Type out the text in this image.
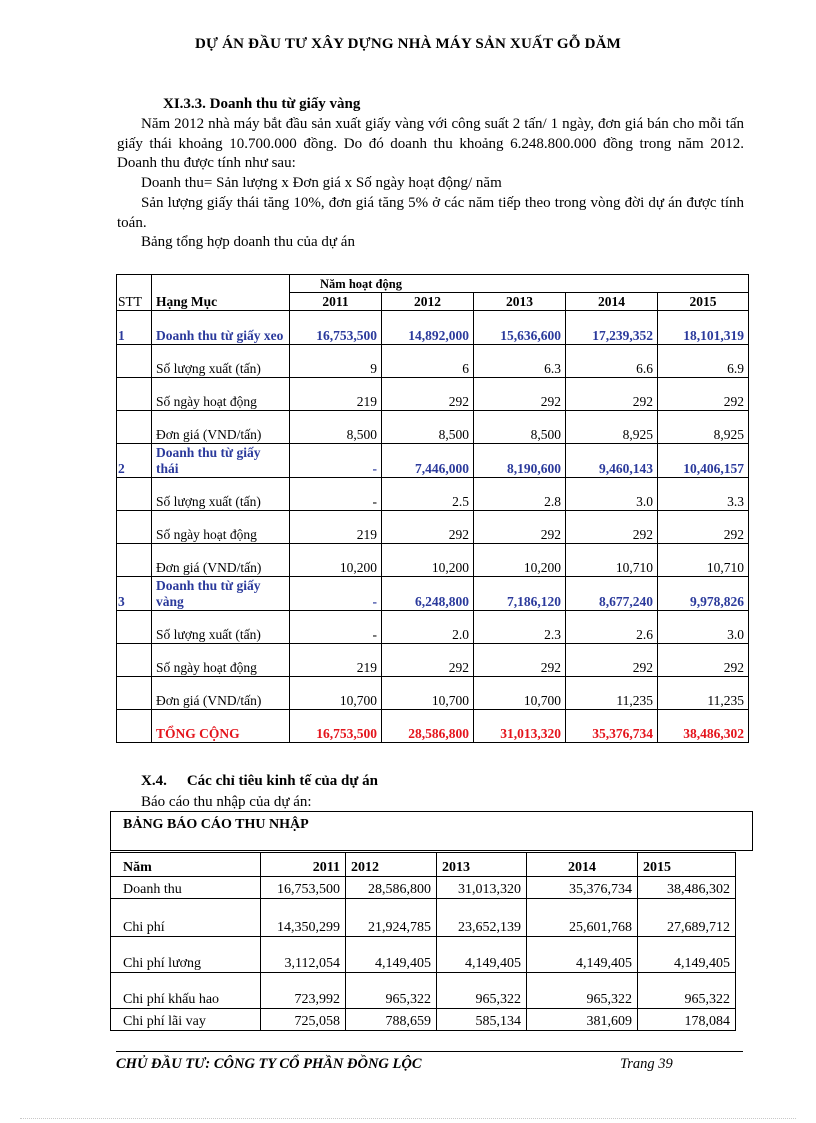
DỰ ÁN ĐẦU TƯ XÂY DỰNG NHÀ MÁY SẢN XUẤT GỖ DĂM
XI.3.3. Doanh thu từ giấy vàng
Năm 2012 nhà máy bắt đầu sản xuất giấy vàng với công suất 2 tấn/ 1 ngày, đơn giá bán cho mỗi tấn giấy thái khoảng 10.700.000 đồng. Do đó doanh thu khoảng 6.248.800.000 đồng trong năm 2012. Doanh thu được tính như sau:
Doanh thu= Sản lượng x Đơn giá x Số ngày hoạt động/ năm
Sản lượng giấy thái tăng 10%, đơn giá tăng 5% ở các năm tiếp theo trong vòng đời dự án được tính toán.
Bảng tổng hợp doanh thu của dự án
STT	Hạng Mục	Năm hoạt động				
		2011	2012	2013	2014	2015
1	Doanh thu từ giấy xeo	16,753,500	14,892,000	15,636,600	17,239,352	18,101,319
	Số lượng xuất (tấn)	9	6	6.3	6.6	6.9
	Số ngày hoạt động	219	292	292	292	292
	Đơn giá (VND/tấn)	8,500	8,500	8,500	8,925	8,925
2	Doanh thu từ giấy thái	-	7,446,000	8,190,600	9,460,143	10,406,157
	Số lượng xuất (tấn)	-	2.5	2.8	3.0	3.3
	Số ngày hoạt động	219	292	292	292	292
	Đơn giá (VND/tấn)	10,200	10,200	10,200	10,710	10,710
3	Doanh thu từ giấy vàng	-	6,248,800	7,186,120	8,677,240	9,978,826
	Số lượng xuất (tấn)	-	2.0	2.3	2.6	3.0
	Số ngày hoạt động	219	292	292	292	292
	Đơn giá (VND/tấn)	10,700	10,700	10,700	11,235	11,235
	TỔNG CỘNG	16,753,500	28,586,800	31,013,320	35,376,734	38,486,302
X.4. Các chỉ tiêu kinh tế của dự án
Báo cáo thu nhập của dự án:
BẢNG BÁO CÁO THU NHẬP
Năm	2011	2012	2013	2014	2015
Doanh thu	16,753,500	28,586,800	31,013,320	35,376,734	38,486,302
Chi phí	14,350,299	21,924,785	23,652,139	25,601,768	27,689,712
Chi phí lương	3,112,054	4,149,405	4,149,405	4,149,405	4,149,405
Chi phí khấu hao	723,992	965,322	965,322	965,322	965,322
Chi phí lãi vay	725,058	788,659	585,134	381,609	178,084
CHỦ ĐẦU TƯ: CÔNG TY CỔ PHẦN ĐỒNG LỘC	Trang 39
